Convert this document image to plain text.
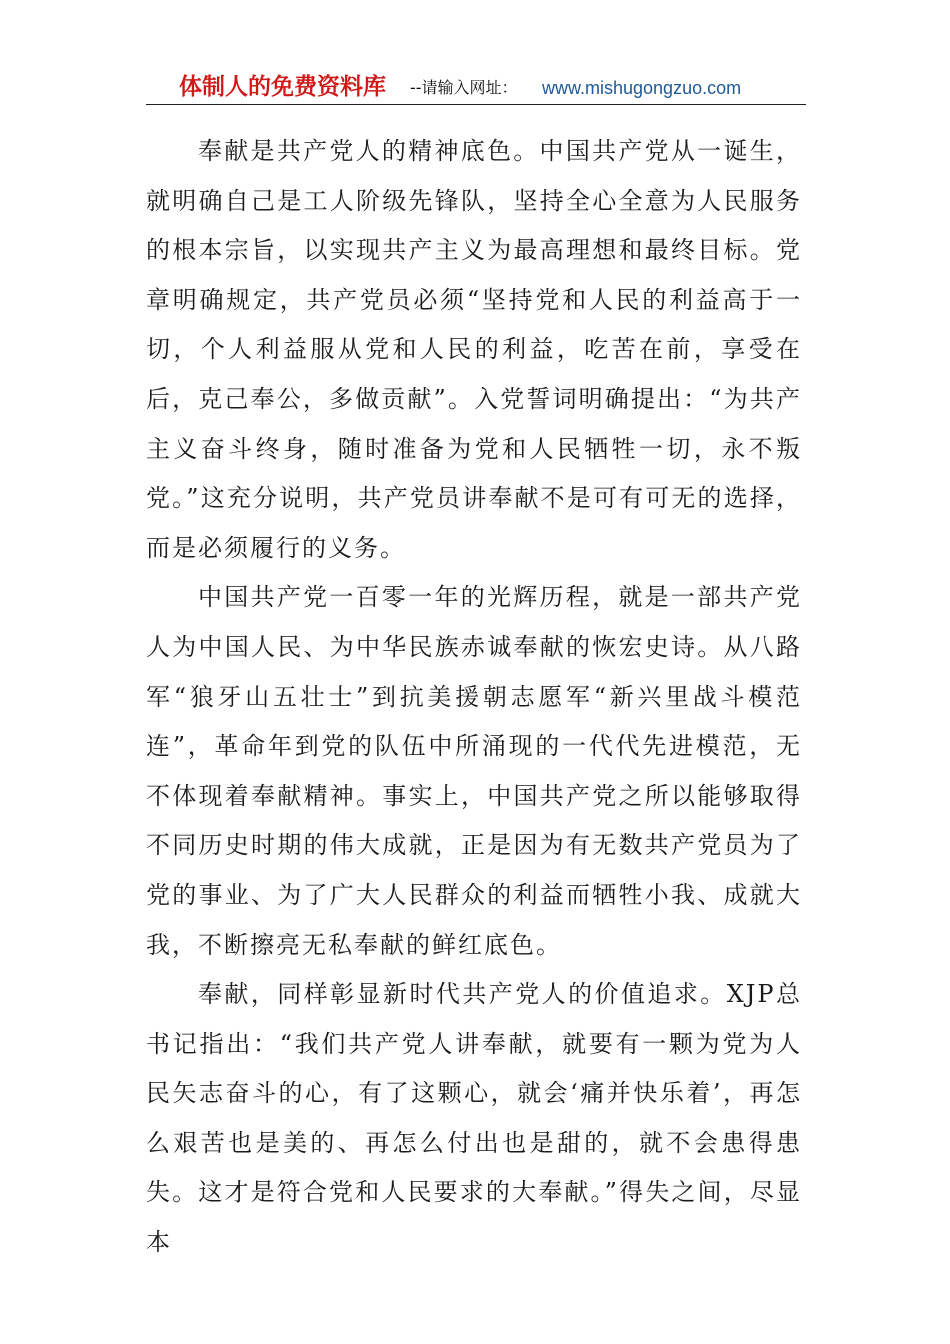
体制人的免费资料库 --请输入网址： www.mishugongzuo.com

奉献是共产党人的精神底色。中国共产党从一诞生，就明确自己是工人阶级先锋队，坚持全心全意为人民服务的根本宗旨，以实现共产主义为最高理想和最终目标。党章明确规定，共产党员必须“坚持党和人民的利益高于一切，个人利益服从党和人民的利益，吃苦在前，享受在后，克己奉公，多做贡献”。入党誓词明确提出：“为共产主义奋斗终身，随时准备为党和人民牺牲一切，永不叛党。”这充分说明，共产党员讲奉献不是可有可无的选择，而是必须履行的义务。

中国共产党一百零一年的光辉历程，就是一部共产党人为中国人民、为中华民族赤诚奉献的恢宏史诗。从八路军“狼牙山五壮士”到抗美援朝志愿军“新兴里战斗模范连”，革命年到党的队伍中所涌现的一代代先进模范，无不体现着奉献精神。事实上，中国共产党之所以能够取得不同历史时期的伟大成就，正是因为有无数共产党员为了党的事业、为了广大人民群众的利益而牺牲小我、成就大我，不断擦亮无私奉献的鲜红底色。

奉献，同样彰显新时代共产党人的价值追求。XJP总书记指出：“我们共产党人讲奉献，就要有一颗为党为人民矢志奋斗的心，有了这颗心，就会‘痛并快乐着’，再怎么艰苦也是美的、再怎么付出也是甜的，就不会患得患失。这才是符合党和人民要求的大奉献。”得失之间，尽显本
